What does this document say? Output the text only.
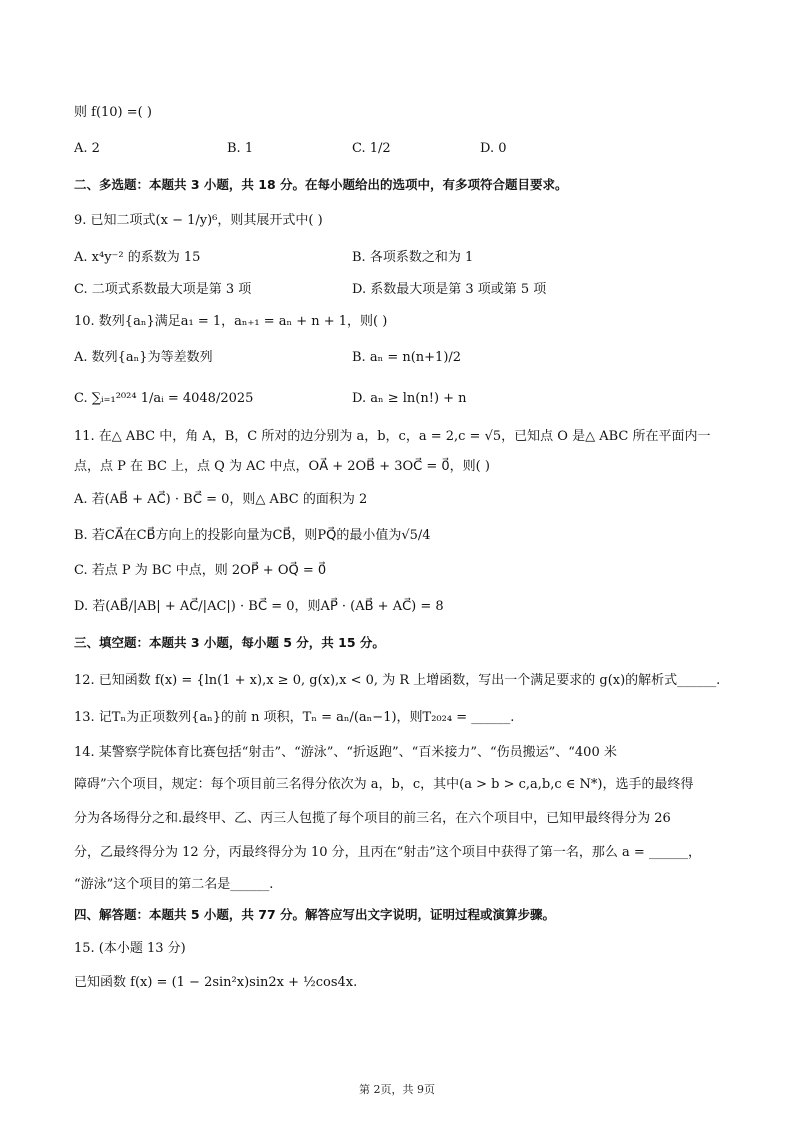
则 f(10) =( )
A. 2	B. 1	C. 1/2	D. 0
二、多选题：本题共 3 小题，共 18 分。在每小题给出的选项中，有多项符合题目要求。
9. 已知二项式(x − 1/y)⁶，则其展开式中( )
A. x⁴y⁻² 的系数为 15	B. 各项系数之和为 1
C. 二项式系数最大项是第 3 项	D. 系数最大项是第 3 项或第 5 项
10. 数列{aₙ}满足a₁ = 1，aₙ₊₁ = aₙ + n + 1，则( )
A. 数列{aₙ}为等差数列	B. aₙ = n(n+1)/2
C. ∑ᵢ₌₁²⁰²⁴ 1/aᵢ = 4048/2025	D. aₙ ≥ ln(n!) + n
11. 在△ ABC 中，角 A，B，C 所对的边分别为 a，b，c，a = 2,c = √5，已知点 O 是△ ABC 所在平面内一
点，点 P 在 BC 上，点 Q 为 AC 中点，OA⃗ + 2OB⃗ + 3OC⃗ = 0⃗，则( )
A. 若(AB⃗ + AC⃗) · BC⃗ = 0，则△ ABC 的面积为 2
B. 若CA⃗在CB⃗方向上的投影向量为CB⃗，则PQ⃗的最小值为√5/4
C. 若点 P 为 BC 中点，则 2OP⃗ + OQ⃗ = 0⃗
D. 若(AB⃗/|AB| + AC⃗/|AC|) · BC⃗ = 0，则AP⃗ · (AB⃗ + AC⃗) = 8
三、填空题：本题共 3 小题，每小题 5 分，共 15 分。
12. 已知函数 f(x) = {ln(1 + x),x ≥ 0, g(x),x < 0, 为 R 上增函数，写出一个满足要求的 g(x)的解析式______.
13. 记Tₙ为正项数列{aₙ}的前 n 项积，Tₙ = aₙ/(aₙ−1)，则T₂₀₂₄ = ______.
14. 某警察学院体育比赛包括“射击”、“游泳”、“折返跑”、“百米接力”、“伤员搬运”、“400 米
障碍”六个项目，规定：每个项目前三名得分依次为 a，b，c，其中(a > b > c,a,b,c ∈ N*)，选手的最终得
分为各场得分之和.最终甲、乙、丙三人包揽了每个项目的前三名，在六个项目中，已知甲最终得分为 26
分，乙最终得分为 12 分，丙最终得分为 10 分，且丙在“射击”这个项目中获得了第一名，那么 a = ______，
“游泳”这个项目的第二名是______.
四、解答题：本题共 5 小题，共 77 分。解答应写出文字说明，证明过程或演算步骤。
15. (本小题 13 分)
已知函数 f(x) = (1 − 2sin²x)sin2x + ½cos4x.
第 2页，共 9页
